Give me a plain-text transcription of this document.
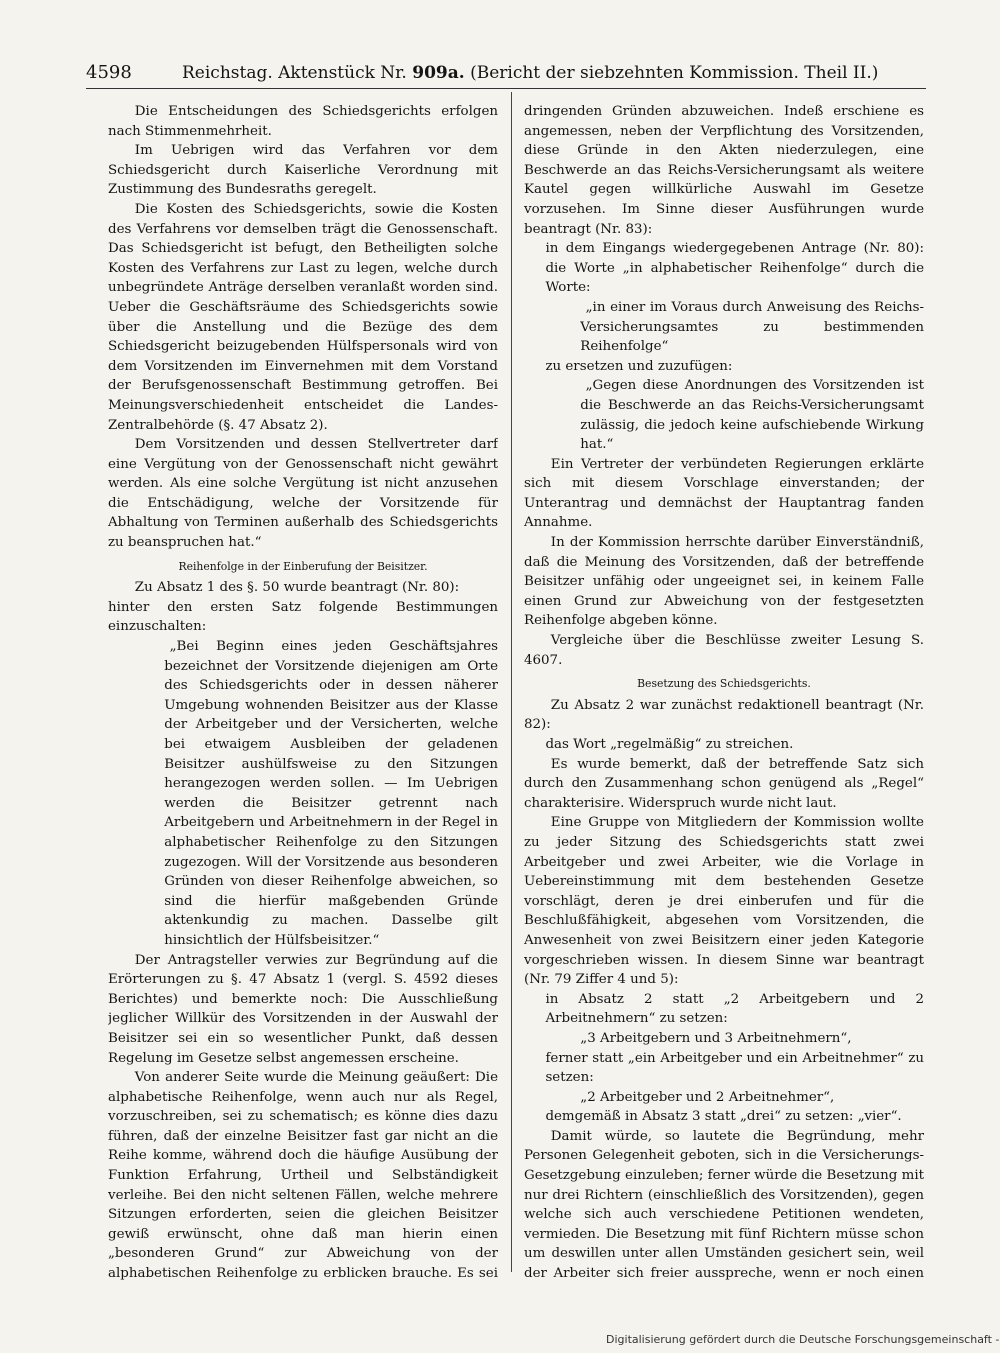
4598	Reichstag. Aktenstück Nr. 909a. (Bericht der siebzehnten Kommission. Theil II.)

Die Entscheidungen des Schiedsgerichts erfolgen nach Stimmenmehrheit.

Im Uebrigen wird das Verfahren vor dem Schiedsgericht durch Kaiserliche Verordnung mit Zustimmung des Bundesraths geregelt.

Die Kosten des Schiedsgerichts, sowie die Kosten des Verfahrens vor demselben trägt die Genossenschaft. Das Schiedsgericht ist befugt, den Betheiligten solche Kosten des Verfahrens zur Last zu legen, welche durch unbegründete Anträge derselben veranlaßt worden sind. Ueber die Geschäftsräume des Schiedsgerichts sowie über die Anstellung und die Bezüge des dem Schiedsgericht beizugebenden Hülfspersonals wird von dem Vorsitzenden im Einvernehmen mit dem Vorstand der Berufsgenossenschaft Bestimmung getroffen. Bei Meinungsverschiedenheit entscheidet die Landes-Zentralbehörde (§. 47 Absatz 2).

Dem Vorsitzenden und dessen Stellvertreter darf eine Vergütung von der Genossenschaft nicht gewährt werden. Als eine solche Vergütung ist nicht anzusehen die Entschädigung, welche der Vorsitzende für Abhaltung von Terminen außerhalb des Schiedsgerichts zu beanspruchen hat.“

Reihenfolge in der Einberufung der Beisitzer.

Zu Absatz 1 des §. 50 wurde beantragt (Nr. 80):

hinter den ersten Satz folgende Bestimmungen einzuschalten:

„Bei Beginn eines jeden Geschäftsjahres bezeichnet der Vorsitzende diejenigen am Orte des Schiedsgerichts oder in dessen näherer Umgebung wohnenden Beisitzer aus der Klasse der Arbeitgeber und der Versicherten, welche bei etwaigem Ausbleiben der geladenen Beisitzer aushülfsweise zu den Sitzungen herangezogen werden sollen. — Im Uebrigen werden die Beisitzer getrennt nach Arbeitgebern und Arbeitnehmern in der Regel in alphabetischer Reihenfolge zu den Sitzungen zugezogen. Will der Vorsitzende aus besonderen Gründen von dieser Reihenfolge abweichen, so sind die hierfür maßgebenden Gründe aktenkundig zu machen. Dasselbe gilt hinsichtlich der Hülfsbeisitzer.“

Der Antragsteller verwies zur Begründung auf die Erörterungen zu §. 47 Absatz 1 (vergl. S. 4592 dieses Berichtes) und bemerkte noch: Die Ausschließung jeglicher Willkür des Vorsitzenden in der Auswahl der Beisitzer sei ein so wesentlicher Punkt, daß dessen Regelung im Gesetze selbst angemessen erscheine.

Von anderer Seite wurde die Meinung geäußert: Die alphabetische Reihenfolge, wenn auch nur als Regel, vorzuschreiben, sei zu schematisch; es könne dies dazu führen, daß der einzelne Beisitzer fast gar nicht an die Reihe komme, während doch die häufige Ausübung der Funktion Erfahrung, Urtheil und Selbständigkeit verleihe. Bei den nicht seltenen Fällen, welche mehrere Sitzungen erforderten, seien die gleichen Beisitzer gewiß erwünscht, ohne daß man hierin einen „besonderen Grund“ zur Abweichung von der alphabetischen Reihenfolge zu erblicken brauche. Es sei

dringenden Gründen abzuweichen. Indeß erschiene es angemessen, neben der Verpflichtung des Vorsitzenden, diese Gründe in den Akten niederzulegen, eine Beschwerde an das Reichs-Versicherungsamt als weitere Kautel gegen willkürliche Auswahl im Gesetze vorzusehen. Im Sinne dieser Ausführungen wurde beantragt (Nr. 83):

in dem Eingangs wiedergegebenen Antrage (Nr. 80): die Worte „in alphabetischer Reihenfolge“ durch die Worte:

„in einer im Voraus durch Anweisung des Reichs-Versicherungsamtes zu bestimmenden Reihenfolge“

zu ersetzen und zuzufügen:

„Gegen diese Anordnungen des Vorsitzenden ist die Beschwerde an das Reichs-Versicherungsamt zulässig, die jedoch keine aufschiebende Wirkung hat.“

Ein Vertreter der verbündeten Regierungen erklärte sich mit diesem Vorschlage einverstanden; der Unterantrag und demnächst der Hauptantrag fanden Annahme.

In der Kommission herrschte darüber Einverständniß, daß die Meinung des Vorsitzenden, daß der betreffende Beisitzer unfähig oder ungeeignet sei, in keinem Falle einen Grund zur Abweichung von der festgesetzten Reihenfolge abgeben könne.

Vergleiche über die Beschlüsse zweiter Lesung S. 4607.

Besetzung des Schiedsgerichts.

Zu Absatz 2 war zunächst redaktionell beantragt (Nr. 82):

das Wort „regelmäßig“ zu streichen.

Es wurde bemerkt, daß der betreffende Satz sich durch den Zusammenhang schon genügend als „Regel“ charakterisire. Widerspruch wurde nicht laut.

Eine Gruppe von Mitgliedern der Kommission wollte zu jeder Sitzung des Schiedsgerichts statt zwei Arbeitgeber und zwei Arbeiter, wie die Vorlage in Uebereinstimmung mit dem bestehenden Gesetze vorschlägt, deren je drei einberufen und für die Beschlußfähigkeit, abgesehen vom Vorsitzenden, die Anwesenheit von zwei Beisitzern einer jeden Kategorie vorgeschrieben wissen. In diesem Sinne war beantragt (Nr. 79 Ziffer 4 und 5):

in Absatz 2 statt „2 Arbeitgebern und 2 Arbeitnehmern“ zu setzen:

„3 Arbeitgebern und 3 Arbeitnehmern“,

ferner statt „ein Arbeitgeber und ein Arbeitnehmer“ zu setzen:

„2 Arbeitgeber und 2 Arbeitnehmer“,

demgemäß in Absatz 3 statt „drei“ zu setzen: „vier“.

Damit würde, so lautete die Begründung, mehr Personen Gelegenheit geboten, sich in die Versicherungs-Gesetzgebung einzuleben; ferner würde die Besetzung mit nur drei Richtern (einschließlich des Vorsitzenden), gegen welche sich auch verschiedene Petitionen wendeten, vermieden. Die Besetzung mit fünf Richtern müsse schon um deswillen unter allen Umständen gesichert sein, weil der Arbeiter sich freier ausspreche, wenn er noch einen

Digitalisierung gefördert durch die Deutsche Forschungsgemeinschaft -
